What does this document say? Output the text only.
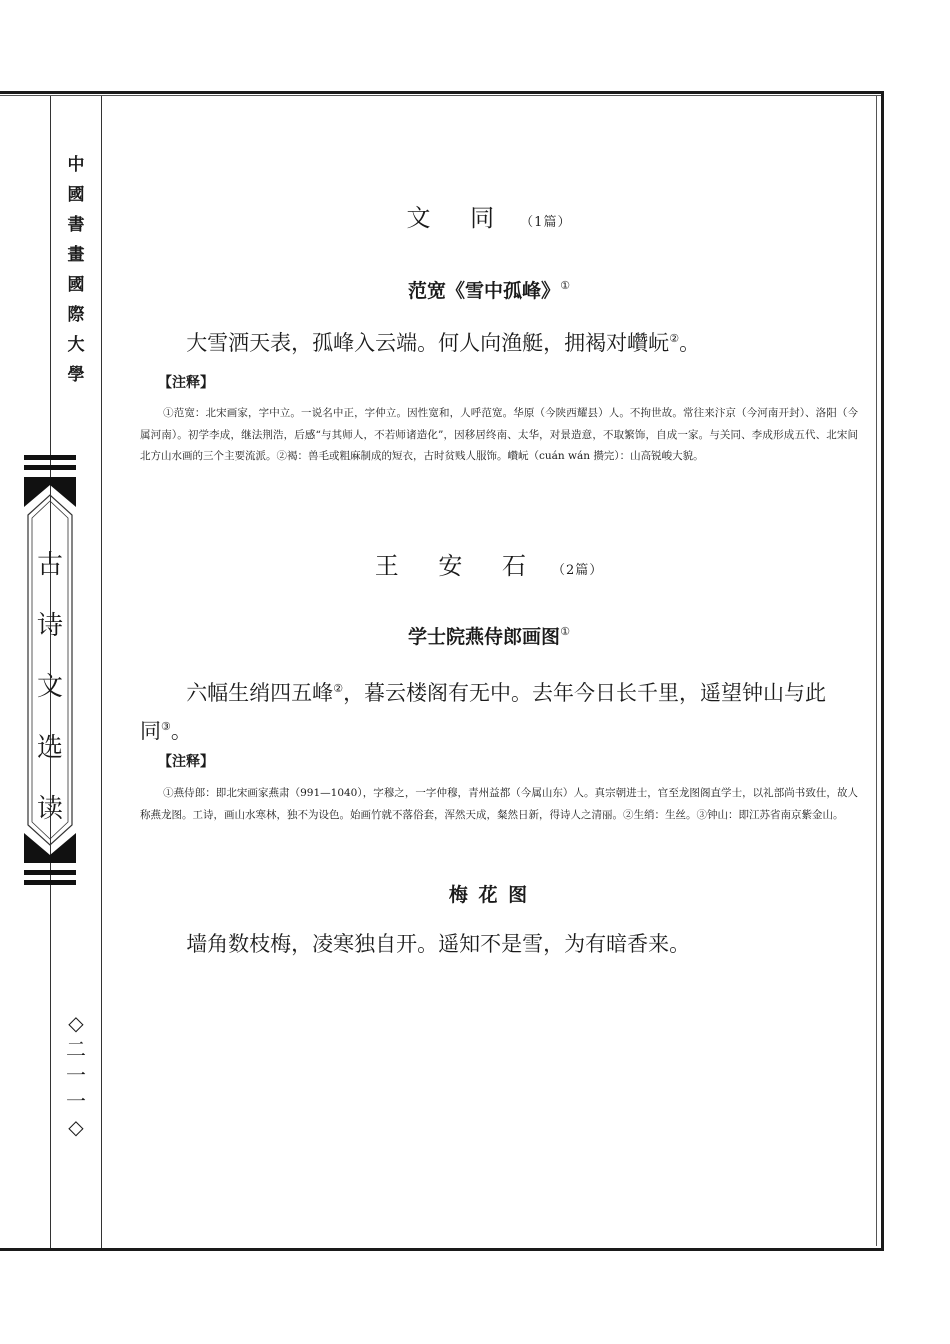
中
國
書
畫
國
際
大
學
古
诗
文
选
读
◇
二
一
一
◇
文 同 （1篇）
范宽《雪中孤峰》①
大雪洒天表，孤峰入云端。何人向渔艇，拥褐对巑岏②。
【注释】
①范宽：北宋画家，字中立。一说名中正，字仲立。因性宽和，人呼范宽。华原（今陕西耀县）人。不拘世故。常往来汴京（今河南开封）、洛阳（今属河南）。初学李成，继法荆浩，后感“与其师人，不若师诸造化”，因移居终南、太华，对景造意，不取繁饰，自成一家。与关同、李成形成五代、北宋间北方山水画的三个主要流派。②褐：兽毛或粗麻制成的短衣，古时贫贱人服饰。巑岏（cuán wán 攒完）：山高锐峻大貌。
王 安 石 （2篇）
学士院燕侍郎画图①
六幅生绡四五峰②，暮云楼阁有无中。去年今日长千里，遥望钟山与此同③。
【注释】
①燕侍郎：即北宋画家燕肃（991—1040），字穆之，一字仲穆，青州益都（今属山东）人。真宗朝进士，官至龙图阁直学士，以礼部尚书致仕，故人称燕龙图。工诗，画山水寒林，独不为设色。始画竹就不落俗套，浑然天成，粲然日新，得诗人之清丽。②生绡：生丝。③钟山：即江苏省南京紫金山。
梅 花 图
墙角数枝梅，凌寒独自开。遥知不是雪，为有暗香来。
